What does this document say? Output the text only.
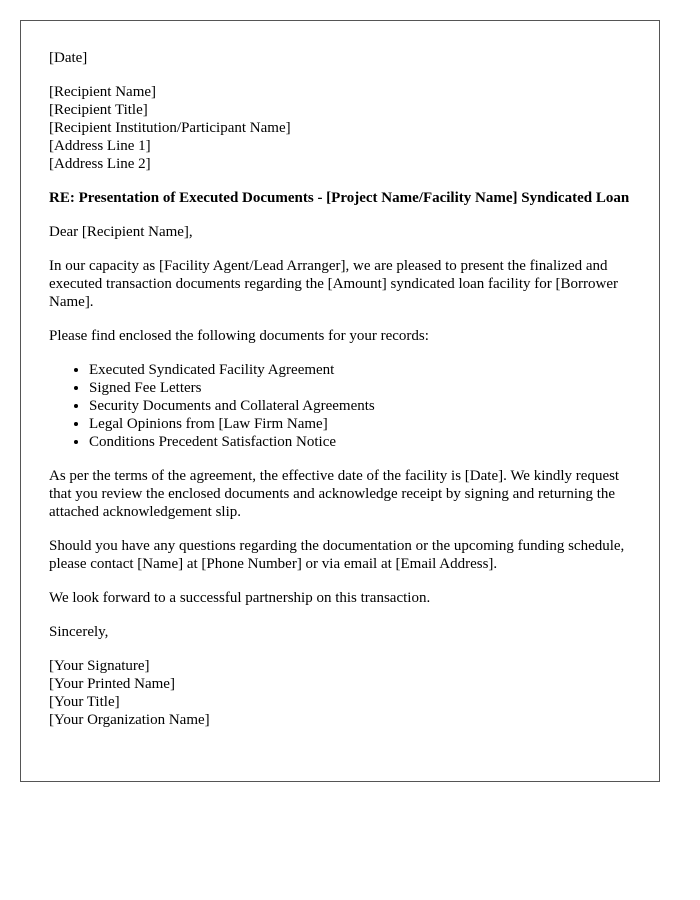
[Date]
[Recipient Name]
[Recipient Title]
[Recipient Institution/Participant Name]
[Address Line 1]
[Address Line 2]
RE: Presentation of Executed Documents - [Project Name/Facility Name] Syndicated Loan

Dear [Recipient Name],

In our capacity as [Facility Agent/Lead Arranger], we are pleased to present the finalized and executed transaction documents regarding the [Amount] syndicated loan facility for [Borrower Name].

Please find enclosed the following documents for your records:

• Executed Syndicated Facility Agreement
• Signed Fee Letters
• Security Documents and Collateral Agreements
• Legal Opinions from [Law Firm Name]
• Conditions Precedent Satisfaction Notice

As per the terms of the agreement, the effective date of the facility is [Date]. We kindly request that you review the enclosed documents and acknowledge receipt by signing and returning the attached acknowledgement slip.

Should you have any questions regarding the documentation or the upcoming funding schedule, please contact [Name] at [Phone Number] or via email at [Email Address].

We look forward to a successful partnership on this transaction.

Sincerely,

[Your Signature]
[Your Printed Name]
[Your Title]
[Your Organization Name]
